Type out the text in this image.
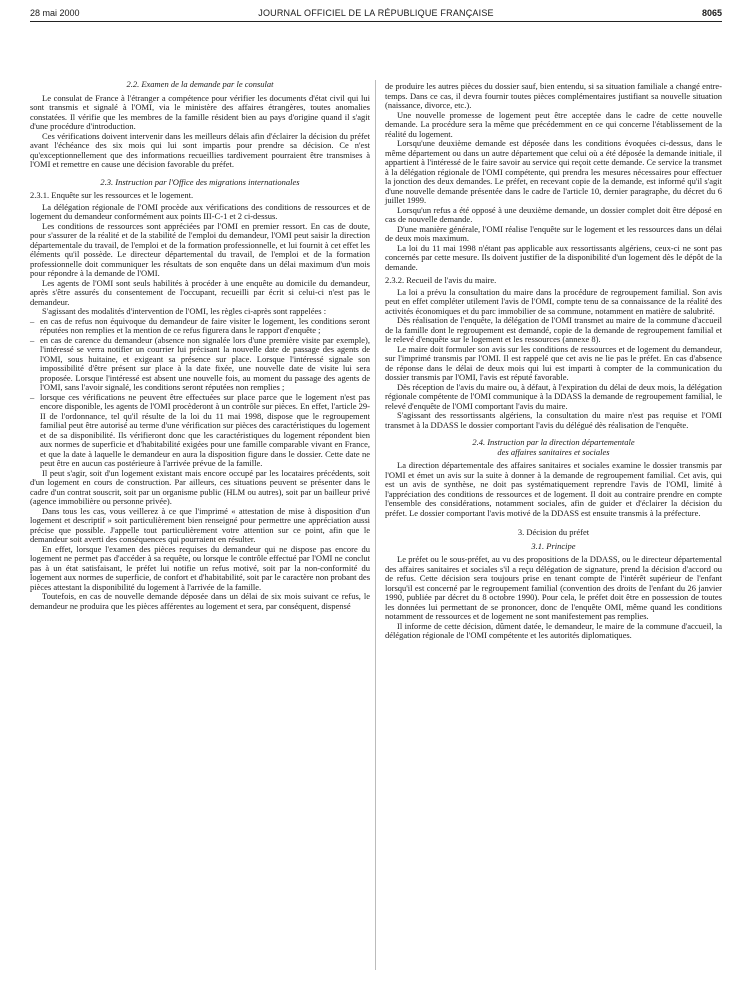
28 mai 2000	JOURNAL OFFICIEL DE LA RÉPUBLIQUE FRANÇAISE	8065

2.2. Examen de la demande par le consulat

Le consulat de France à l'étranger a compétence pour vérifier les documents d'état civil qui lui sont transmis et signalé à l'OMI, via le ministère des affaires étrangères, toutes anomalies constatées. Il vérifie que les membres de la famille résident bien au pays d'origine quand il s'agit d'une procédure d'introduction.

Ces vérifications doivent intervenir dans les meilleurs délais afin d'éclairer la décision du préfet avant l'échéance des six mois qui lui sont impartis pour prendre sa décision. Ce n'est qu'exceptionnellement que des informations recueillies tardivement pourraient être transmises à l'OMI et remettre en cause une décision favorable du préfet.

2.3. Instruction par l'Office des migrations internationales

2.3.1. Enquête sur les ressources et le logement.

La délégation régionale de l'OMI procède aux vérifications des conditions de ressources et de logement du demandeur conformément aux points III-C-1 et 2 ci-dessus.

Les conditions de ressources sont appréciées par l'OMI en premier ressort. En cas de doute, pour s'assurer de la réalité et de la stabilité de l'emploi du demandeur, l'OMI peut saisir la direction départementale du travail, de l'emploi et de la formation professionnelle, et lui fournit à cet effet les éléments qu'il possède. Le directeur départemental du travail, de l'emploi et de la formation professionnelle doit communiquer les résultats de son enquête dans un délai maximum d'un mois pour répondre à la demande de l'OMI.

Les agents de l'OMI sont seuls habilités à procéder à une enquête au domicile du demandeur, après s'être assurés du consentement de l'occupant, recueilli par écrit si celui-ci n'est pas le demandeur.

S'agissant des modalités d'intervention de l'OMI, les règles ci-après sont rappelées :

– en cas de refus non équivoque du demandeur de faire visiter le logement, les conditions seront réputées non remplies et la mention de ce refus figurera dans le rapport d'enquête ;
– en cas de carence du demandeur (absence non signalée lors d'une première visite par exemple), l'intéressé se verra notifier un courrier lui précisant la nouvelle date de passage des agents de l'OMI, sous huitaine, et exigeant sa présence sur place. Lorsque l'intéressé signale son impossibilité d'être présent sur place à la date fixée, une nouvelle date de visite lui sera proposée. Lorsque l'intéressé est absent une nouvelle fois, au moment du passage des agents de l'OMI, sans l'avoir signalé, les conditions seront réputées non remplies ;
– lorsque ces vérifications ne peuvent être effectuées sur place parce que le logement n'est pas encore disponible, les agents de l'OMI procèderont à un contrôle sur pièces. En effet, l'article 29-II de l'ordonnance, tel qu'il résulte de la loi du 11 mai 1998, dispose que le regroupement familial peut être autorisé au terme d'une vérification sur pièces des caractéristiques du logement et de sa disponibilité. Ils vérifieront donc que les caractéristiques du logement répondent bien aux normes de superficie et d'habitabilité exigées pour une famille comparable vivant en France, et que la date à laquelle le demandeur en aura la disposition figure dans le dossier. Cette date ne peut être en aucun cas postérieure à l'arrivée prévue de la famille.

Il peut s'agir, soit d'un logement existant mais encore occupé par les locataires précédents, soit d'un logement en cours de construction. Par ailleurs, ces situations peuvent se présenter dans le cadre d'un contrat souscrit, soit par un organisme public (HLM ou autres), soit par un bailleur privé (agence immobilière ou personne privée).

Dans tous les cas, vous veillerez à ce que l'imprimé « attestation de mise à disposition d'un logement et descriptif » soit particulièrement bien renseigné pour permettre une appréciation aussi précise que possible. J'appelle tout particulièrement votre attention sur ce point, afin que le demandeur soit averti des conséquences qui pourraient en résulter.

En effet, lorsque l'examen des pièces requises du demandeur qui ne dispose pas encore du logement ne permet pas d'accéder à sa requête, ou lorsque le contrôle effectué par l'OMI ne conclut pas à un état satisfaisant, le préfet lui notifie un refus motivé, soit par la non-conformité du logement aux normes de superficie, de confort et d'habitabilité, soit par le caractère non probant des pièces attestant la disponibilité du logement à l'arrivée de la famille.

Toutefois, en cas de nouvelle demande déposée dans un délai de six mois suivant ce refus, le demandeur ne produira que les pièces afférentes au logement et sera, par conséquent, dispensé

de produire les autres pièces du dossier sauf, bien entendu, si sa situation familiale a changé entre-temps. Dans ce cas, il devra fournir toutes pièces complémentaires justifiant sa nouvelle situation (naissance, divorce, etc.).

Une nouvelle promesse de logement peut être acceptée dans le cadre de cette nouvelle demande. La procédure sera la même que précédemment en ce qui concerne l'établissement de la réalité du logement.

Lorsqu'une deuxième demande est déposée dans les conditions évoquées ci-dessus, dans le même département ou dans un autre département que celui où a été déposée la demande initiale, il appartient à l'intéressé de le faire savoir au service qui reçoit cette demande. Ce service la transmet à la délégation régionale de l'OMI compétente, qui prendra les mesures nécessaires pour effectuer la jonction des deux demandes. Le préfet, en recevant copie de la demande, est informé qu'il s'agit d'une nouvelle demande présentée dans le cadre de l'article 10, dernier paragraphe, du décret du 6 juillet 1999.

Lorsqu'un refus a été opposé à une deuxième demande, un dossier complet doit être déposé en cas de nouvelle demande.

D'une manière générale, l'OMI réalise l'enquête sur le logement et les ressources dans un délai de deux mois maximum.

La loi du 11 mai 1998 n'étant pas applicable aux ressortissants algériens, ceux-ci ne sont pas concernés par cette mesure. Ils doivent justifier de la disponibilité d'un logement dès le dépôt de la demande.

2.3.2. Recueil de l'avis du maire.

La loi a prévu la consultation du maire dans la procédure de regroupement familial. Son avis peut en effet compléter utilement l'avis de l'OMI, compte tenu de sa connaissance de la réalité des activités économiques et du parc immobilier de sa commune, notamment en matière de salubrité.

Dès réalisation de l'enquête, la délégation de l'OMI transmet au maire de la commune d'accueil de la famille dont le regroupement est demandé, copie de la demande de regroupement familial et le relevé d'enquête sur le logement et les ressources (annexe 8).

Le maire doit formuler son avis sur les conditions de ressources et de logement du demandeur, sur l'imprimé transmis par l'OMI. Il est rappelé que cet avis ne lie pas le préfet. En cas d'absence de réponse dans le délai de deux mois qui lui est imparti à compter de la communication du dossier transmis par l'OMI, l'avis est réputé favorable.

Dès réception de l'avis du maire ou, à défaut, à l'expiration du délai de deux mois, la délégation régionale compétente de l'OMI communique à la DDASS la demande de regroupement familial, le relevé d'enquête de l'OMI comportant l'avis du maire.

S'agissant des ressortissants algériens, la consultation du maire n'est pas requise et l'OMI transmet à la DDASS le dossier comportant l'avis du délégué dès réalisation de l'enquête.

2.4. Instruction par la direction départementale

des affaires sanitaires et sociales

La direction départementale des affaires sanitaires et sociales examine le dossier transmis par l'OMI et émet un avis sur la suite à donner à la demande de regroupement familial. Cet avis, qui est un avis de synthèse, ne doit pas systématiquement reprendre l'avis de l'OMI, limité à l'appréciation des conditions de ressources et de logement. Il doit au contraire prendre en compte l'ensemble des considérations, notamment sociales, afin de guider et d'éclairer la décision du préfet. Le dossier comportant l'avis motivé de la DDASS est ensuite transmis à la préfecture.

3. Décision du préfet

3.1. Principe

Le préfet ou le sous-préfet, au vu des propositions de la DDASS, ou le directeur départemental des affaires sanitaires et sociales s'il a reçu délégation de signature, prend la décision d'accord ou de refus. Cette décision sera toujours prise en tenant compte de l'intérêt supérieur de l'enfant lorsqu'il est concerné par le regroupement familial (convention des droits de l'enfant du 26 janvier 1990, publiée par décret du 8 octobre 1990). Pour cela, le préfet doit être en possession de toutes les données lui permettant de se prononcer, donc de l'enquête OMI, même quand les conditions notamment de ressources et de logement ne sont manifestement pas remplies.

Il informe de cette décision, dûment datée, le demandeur, le maire de la commune d'accueil, la délégation régionale de l'OMI compétente et les autorités diplomatiques.
